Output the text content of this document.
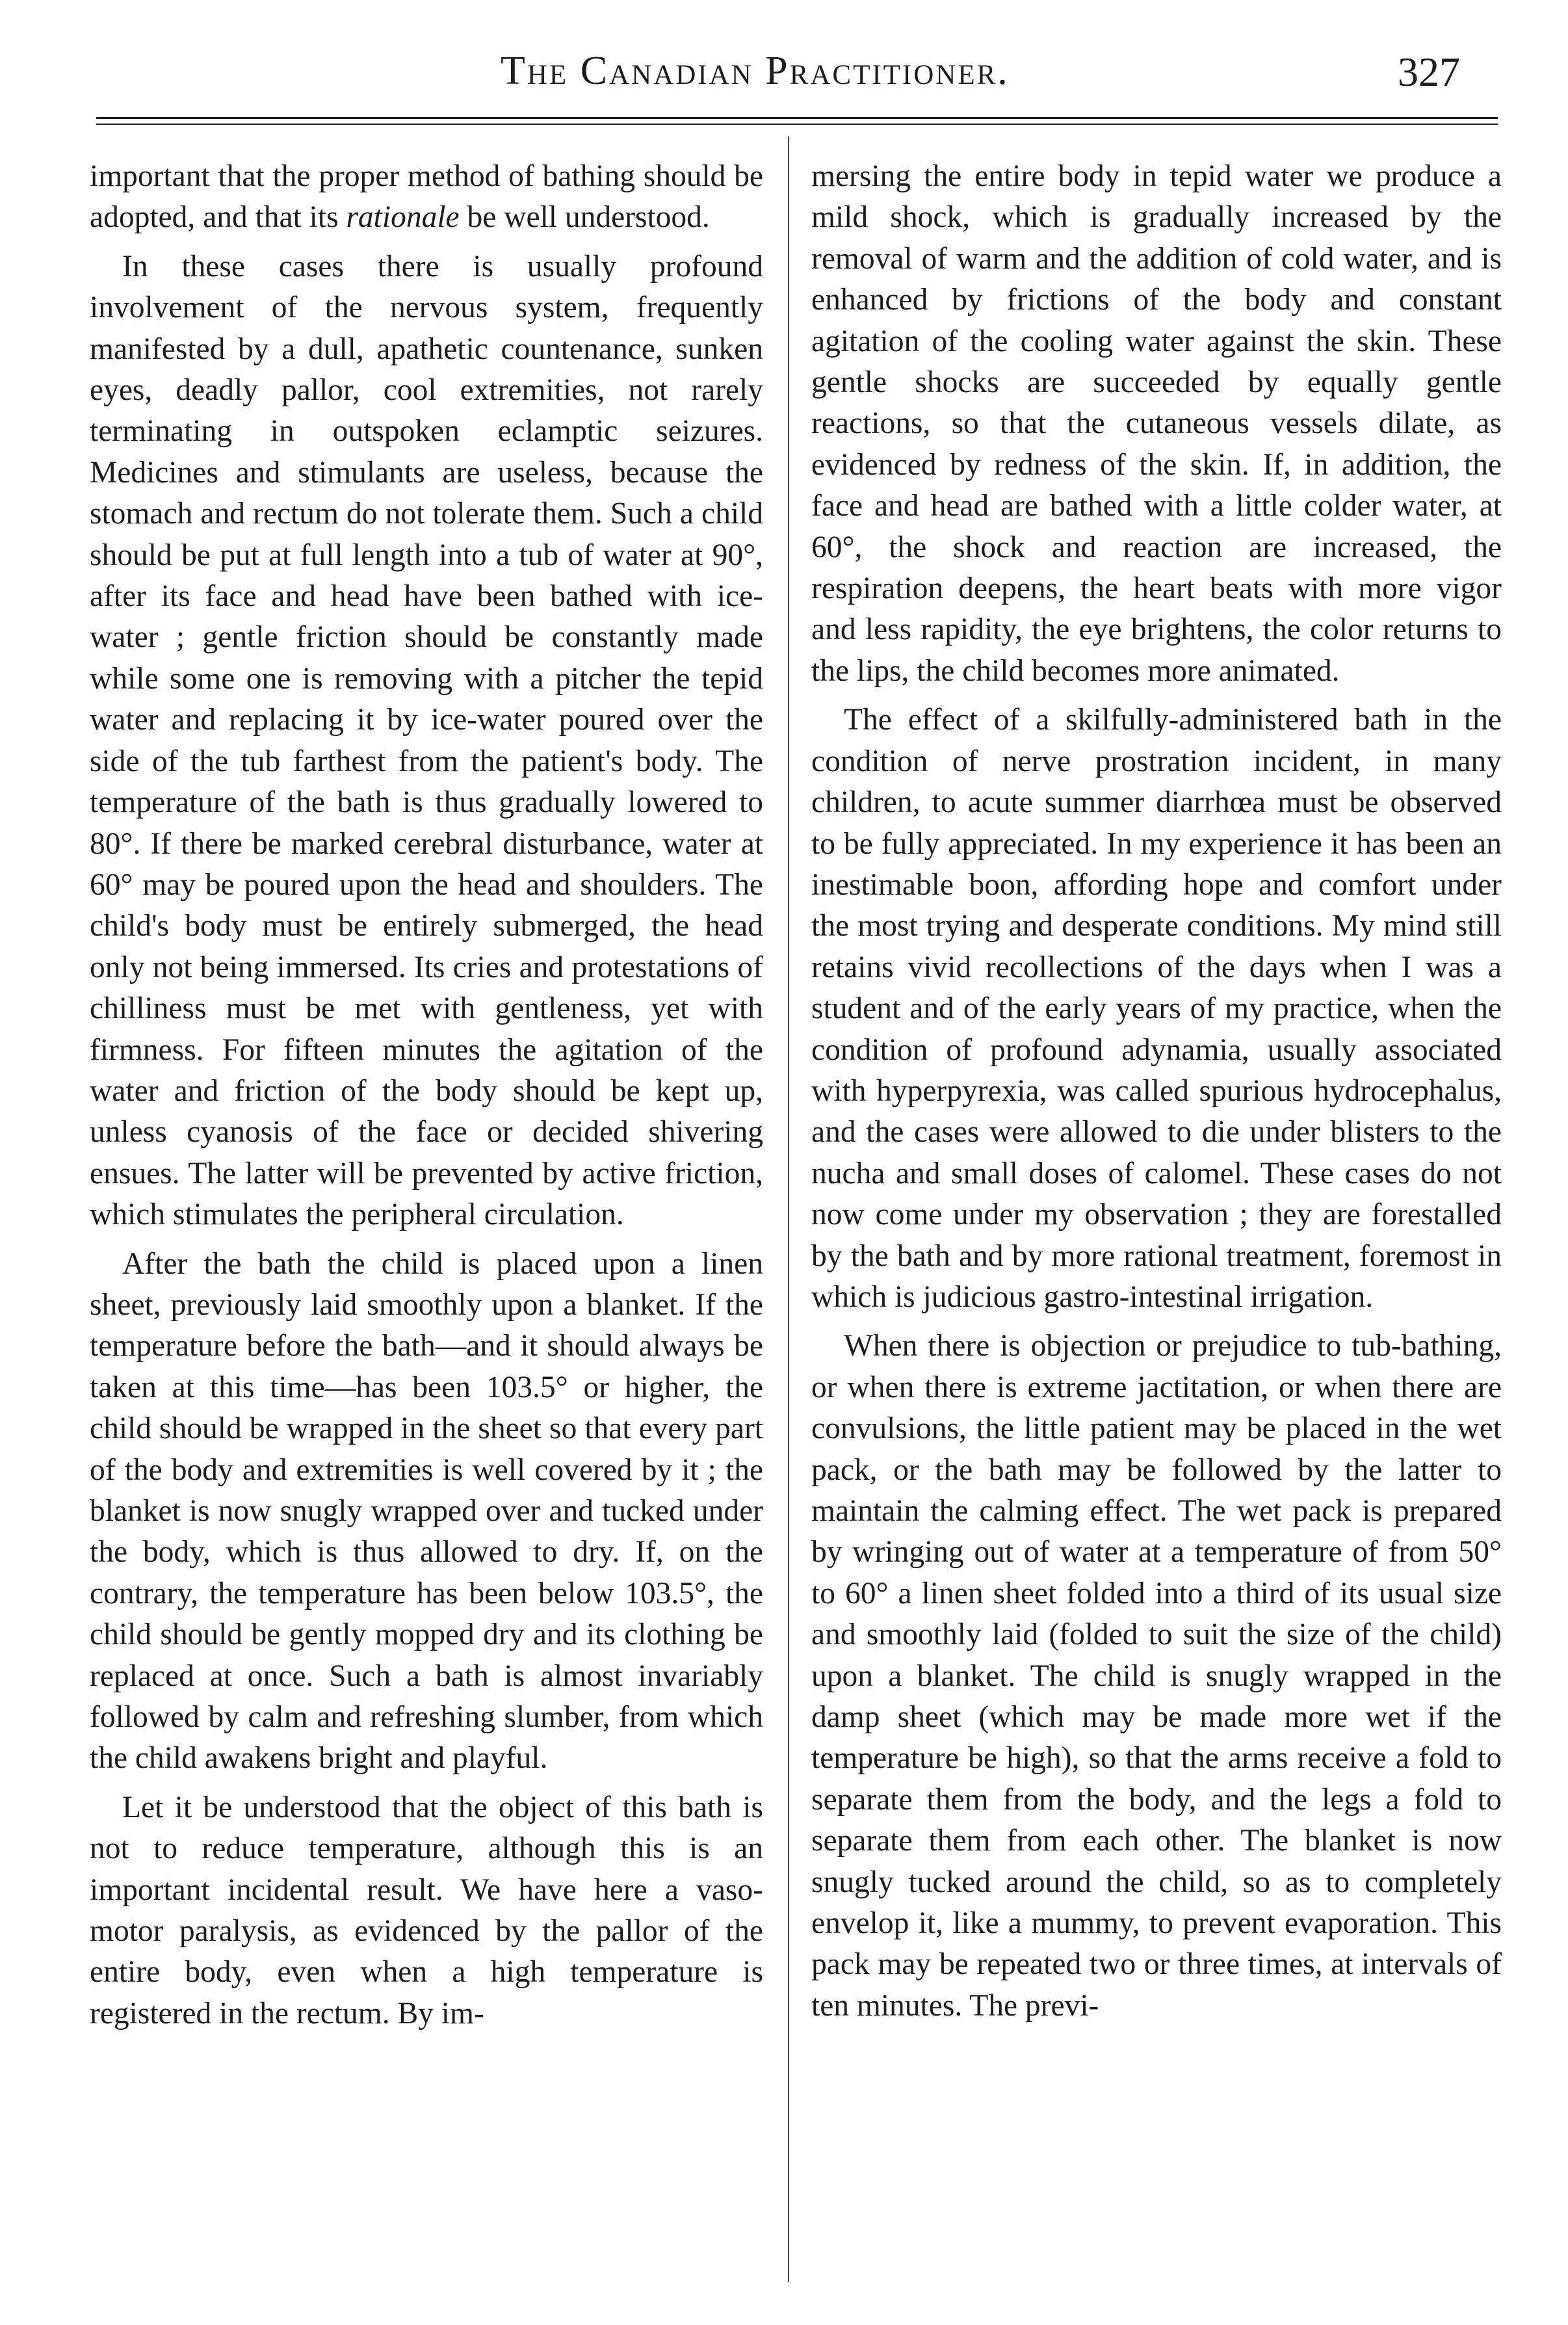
The Canadian Practitioner.	327

important that the proper method of bathing should be adopted, and that its rationale be well understood.

In these cases there is usually profound involvement of the nervous system, frequently manifested by a dull, apathetic countenance, sunken eyes, deadly pallor, cool extremities, not rarely terminating in outspoken eclamptic seizures. Medicines and stimulants are useless, because the stomach and rectum do not tolerate them. Such a child should be put at full length into a tub of water at 90°, after its face and head have been bathed with ice-water ; gentle friction should be constantly made while some one is removing with a pitcher the tepid water and replacing it by ice-water poured over the side of the tub farthest from the patient's body. The temperature of the bath is thus gradually lowered to 80°. If there be marked cerebral disturbance, water at 60° may be poured upon the head and shoulders. The child's body must be entirely submerged, the head only not being immersed. Its cries and protestations of chilliness must be met with gentleness, yet with firmness. For fifteen minutes the agitation of the water and friction of the body should be kept up, unless cyanosis of the face or decided shivering ensues. The latter will be prevented by active friction, which stimulates the peripheral circulation.

After the bath the child is placed upon a linen sheet, previously laid smoothly upon a blanket. If the temperature before the bath—and it should always be taken at this time—has been 103.5° or higher, the child should be wrapped in the sheet so that every part of the body and extremities is well covered by it ; the blanket is now snugly wrapped over and tucked under the body, which is thus allowed to dry. If, on the contrary, the temperature has been below 103.5°, the child should be gently mopped dry and its clothing be replaced at once. Such a bath is almost invariably followed by calm and refreshing slumber, from which the child awakens bright and playful.

Let it be understood that the object of this bath is not to reduce temperature, although this is an important incidental result. We have here a vaso-motor paralysis, as evidenced by the pallor of the entire body, even when a high temperature is registered in the rectum. By im-

mersing the entire body in tepid water we produce a mild shock, which is gradually increased by the removal of warm and the addition of cold water, and is enhanced by frictions of the body and constant agitation of the cooling water against the skin. These gentle shocks are succeeded by equally gentle reactions, so that the cutaneous vessels dilate, as evidenced by redness of the skin. If, in addition, the face and head are bathed with a little colder water, at 60°, the shock and reaction are increased, the respiration deepens, the heart beats with more vigor and less rapidity, the eye brightens, the color returns to the lips, the child becomes more animated.

The effect of a skilfully-administered bath in the condition of nerve prostration incident, in many children, to acute summer diarrhœa must be observed to be fully appreciated. In my experience it has been an inestimable boon, affording hope and comfort under the most trying and desperate conditions. My mind still retains vivid recollections of the days when I was a student and of the early years of my practice, when the condition of profound adynamia, usually associated with hyperpyrexia, was called spurious hydrocephalus, and the cases were allowed to die under blisters to the nucha and small doses of calomel. These cases do not now come under my observation ; they are forestalled by the bath and by more rational treatment, foremost in which is judicious gastro-intestinal irrigation.

When there is objection or prejudice to tub-bathing, or when there is extreme jactitation, or when there are convulsions, the little patient may be placed in the wet pack, or the bath may be followed by the latter to maintain the calming effect. The wet pack is prepared by wringing out of water at a temperature of from 50° to 60° a linen sheet folded into a third of its usual size and smoothly laid (folded to suit the size of the child) upon a blanket. The child is snugly wrapped in the damp sheet (which may be made more wet if the temperature be high), so that the arms receive a fold to separate them from the body, and the legs a fold to separate them from each other. The blanket is now snugly tucked around the child, so as to completely envelop it, like a mummy, to prevent evaporation. This pack may be repeated two or three times, at intervals of ten minutes. The previ-
